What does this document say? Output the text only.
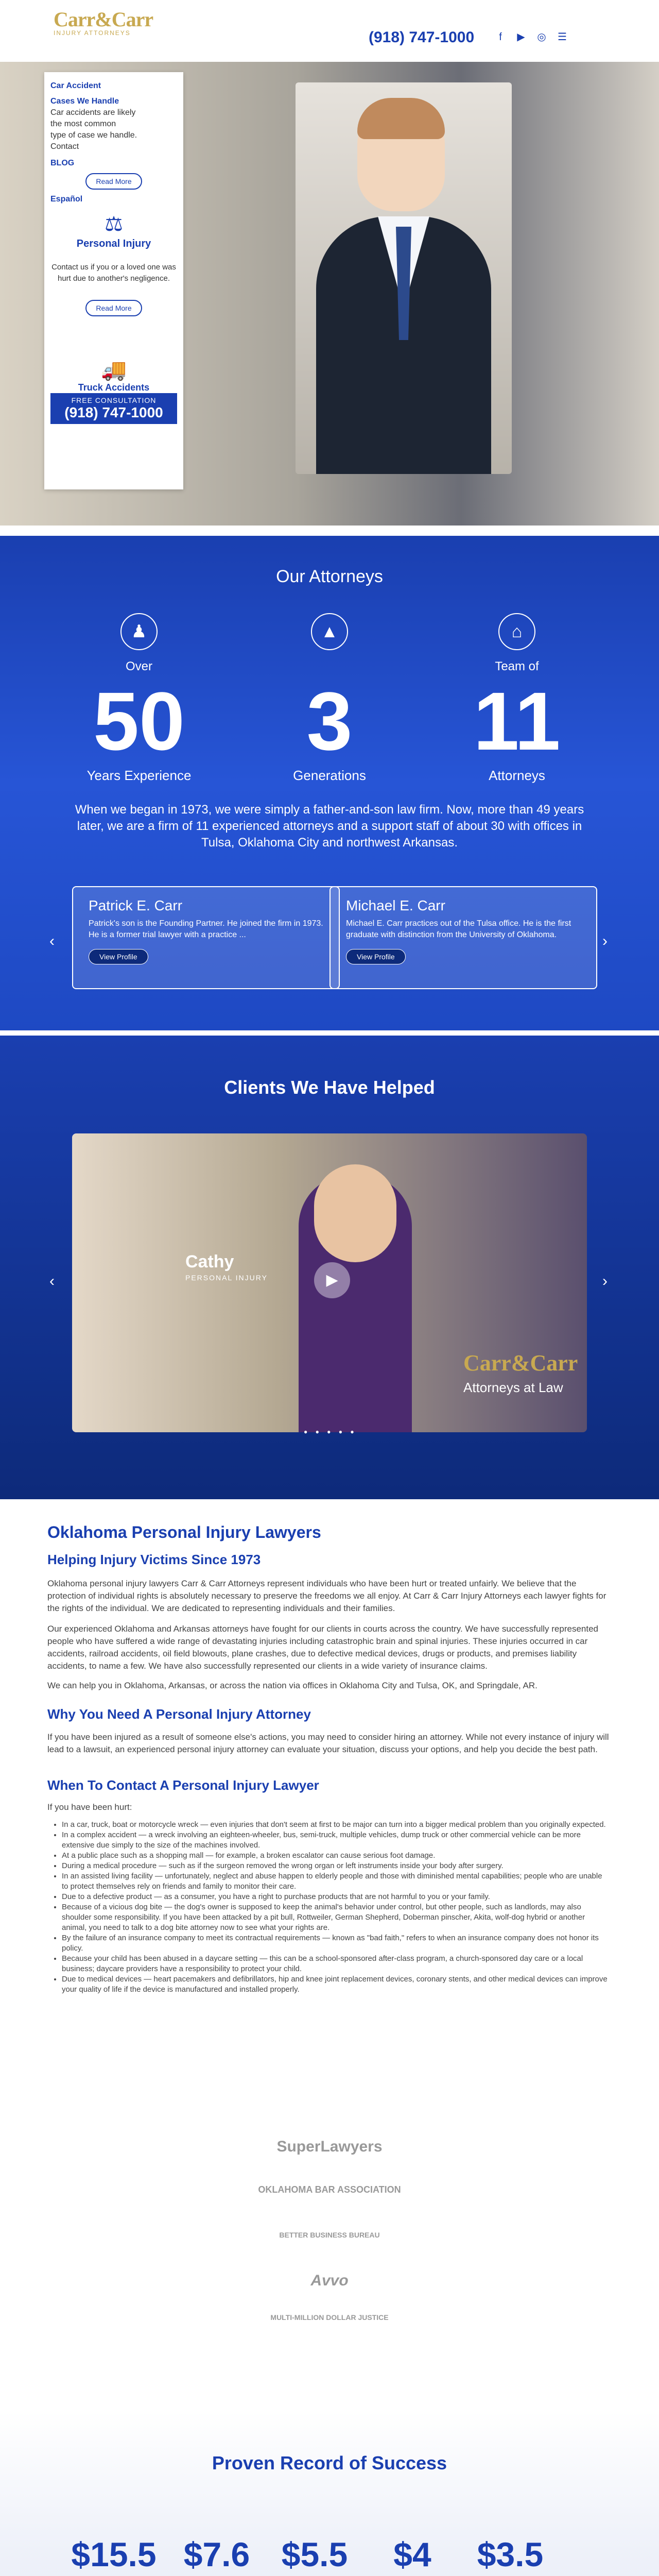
Carr&Carr
INJURY ATTORNEYS	(918) 747-1000	f	▶ ◎ ☰

Car Accident

Cases We Handle

Car accidents are likely

the most common

type of case we handle.

Contact

BLOG

Read More

Español

⚖

Personal Injury

Contact us if you or a loved one was hurt due to another's negligence.

Read More
🚚

Truck Accidents

FREE CONSULTATION
(918) 747-1000
Our Attorneys
♟	▲	⌂
Over
50
Years Experience
3
Generations
Team of
11
Attorneys
When we began in 1973, we were simply a father-and-son law firm. Now, more than 49 years later, we are a firm of 11 experienced attorneys and a support staff of about 30 with offices in Tulsa, Oklahoma City and northwest Arkansas.
‹
Patrick E. Carr

Patrick's son is the Founding Partner. He joined the firm in 1973. He is a former trial lawyer with a practice ...

View Profile
Michael E. Carr

Michael E. Carr practices out of the Tulsa office. He is the first graduate with distinction from the University of Oklahoma.

View Profile
›
Clients We Have Helped
Cathy
PERSONAL INJURY	▶
Carr&Carr
Attorneys at Law
‹	›
● ● ● ● ●
Oklahoma Personal Injury Lawyers
Helping Injury Victims Since 1973
Oklahoma personal injury lawyers Carr & Carr Attorneys represent individuals who have been hurt or treated unfairly. We believe that the protection of individual rights is absolutely necessary to preserve the freedoms we all enjoy. At Carr & Carr Injury Attorneys each lawyer fights for the rights of the individual. We are dedicated to representing individuals and their families.
Our experienced Oklahoma and Arkansas attorneys have fought for our clients in courts across the country. We have successfully represented people who have suffered a wide range of devastating injuries including catastrophic brain and spinal injuries. These injuries occurred in car accidents, railroad accidents, oil field blowouts, plane crashes, due to defective medical devices, drugs or products, and premises liability accidents, to name a few. We have also successfully represented our clients in a wide variety of insurance claims.
We can help you in Oklahoma, Arkansas, or across the nation via offices in Oklahoma City and Tulsa, OK, and Springdale, AR.
Why You Need A Personal Injury Attorney
If you have been injured as a result of someone else's actions, you may need to consider hiring an attorney. While not every instance of injury will lead to a lawsuit, an experienced personal injury attorney can evaluate your situation, discuss your options, and help you decide the best path.
When To Contact A Personal Injury Lawyer
If you have been hurt:
• In a car, truck, boat or motorcycle wreck — even injuries that don't seem at first to be major can turn into a bigger medical problem than you originally expected.
• In a complex accident — a wreck involving an eighteen-wheeler, bus, semi-truck, multiple vehicles, dump truck or other commercial vehicle can be more extensive due simply to the size of the machines involved.
• At a public place such as a shopping mall — for example, a broken escalator can cause serious foot damage.
• During a medical procedure — such as if the surgeon removed the wrong organ or left instruments inside your body after surgery.
• In an assisted living facility — unfortunately, neglect and abuse happen to elderly people and those with diminished mental capabilities; people who are unable to protect themselves rely on friends and family to monitor their care.
• Due to a defective product — as a consumer, you have a right to purchase products that are not harmful to you or your family.
• Because of a vicious dog bite — the dog's owner is supposed to keep the animal's behavior under control, but other people, such as landlords, may also shoulder some responsibility. If you have been attacked by a pit bull, Rottweiler, German Shepherd, Doberman pinscher, Akita, wolf-dog hybrid or another animal, you need to talk to a dog bite attorney now to see what your rights are.
• By the failure of an insurance company to meet its contractual requirements — known as "bad faith," refers to when an insurance company does not honor its policy.
• Because your child has been abused in a daycare setting — this can be a school-sponsored after-class program, a church-sponsored day care or a local business; daycare providers have a responsibility to protect your child.
• Due to medical devices — heart pacemakers and defibrillators, hip and knee joint replacement devices, coronary stents, and other medical devices can improve your quality of life if the device is manufactured and installed properly.
SuperLawyers
OKLAHOMA BAR ASSOCIATION
BETTER BUSINESS BUREAU
Avvo
MULTI-MILLION DOLLAR JUSTICE
Proven Record of Success
$15.5 $7.6 $5.5	$4	$3.5
